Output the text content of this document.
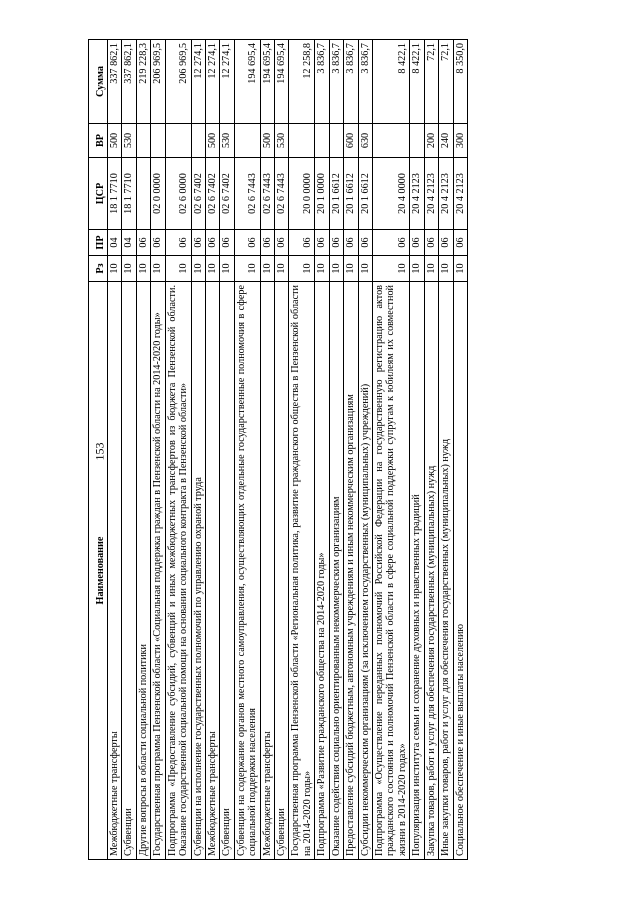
153
Наименование	Рз	ПР	ЦСР	ВР	Сумма
Межбюджетные трансферты	10	04	18 1 7710	500	337 862,1
Субвенции	10	04	18 1 7710	530	337 862,1
Другие вопросы в области социальной политики	10	06			219 228,3
Государственная программа Пензенской области «Социальная поддержка граждан в Пензенской области на 2014-2020 годы»	10	06	02 0 0000		206 969,5
Подпрограмма «Предоставление субсидий, субвенций и иных межбюджетных трансфертов из бюджета Пензенской области. Оказание государственной социальной помощи на основании социального контракта в Пензенской области»	10	06	02 6 0000		206 969,5
Субвенции на исполнение государственных полномочий по управлению охраной труда	10	06	02 6 7402		12 274,1
Межбюджетные трансферты	10	06	02 6 7402	500	12 274,1
Субвенции	10	06	02 6 7402	530	12 274,1
Субвенции на содержание органов местного самоуправления, осуществляющих отдельные государственные полномочия в сфере социальной поддержки населения	10	06	02 6 7443		194 695,4
Межбюджетные трансферты	10	06	02 6 7443	500	194 695,4
Субвенции	10	06	02 6 7443	530	194 695,4
Государственная программа Пензенской области «Региональная политика, развитие гражданского общества в Пензенской области на 2014-2020 годы»	10	06	20 0 0000		12 258,8
Подпрограмма «Развитие гражданского общества на 2014-2020 годы»	10	06	20 1 0000		3 836,7
Оказание содействия социально ориентированным некоммерческим организациям	10	06	20 1 6612		3 836,7
Предоставление субсидий бюджетным, автономным учреждениям и иным некоммерческим организациям	10	06	20 1 6612	600	3 836,7
Субсидии некоммерческим организациям (за исключением государственных (муниципальных) учреждений)	10	06	20 1 6612	630	3 836,7
Подпрограмма «Осуществление переданных полномочий Российской Федерации на государственную регистрацию актов гражданского состояния и полномочий Пензенской области в сфере социальной поддержки супругам к юбилеям их совместной жизни в 2014-2020 годах»	10	06	20 4 0000		8 422,1
Популяризация института семьи и сохранение духовных и нравственных традиций	10	06	20 4 2123		8 422,1
Закупка товаров, работ и услуг для обеспечения государственных (муниципальных) нужд	10	06	20 4 2123	200	72,1
Иные закупки товаров, работ и услуг для обеспечения государственных (муниципальных) нужд	10	06	20 4 2123	240	72,1
Социальное обеспечение и иные выплаты населению	10	06	20 4 2123	300	8 350,0
